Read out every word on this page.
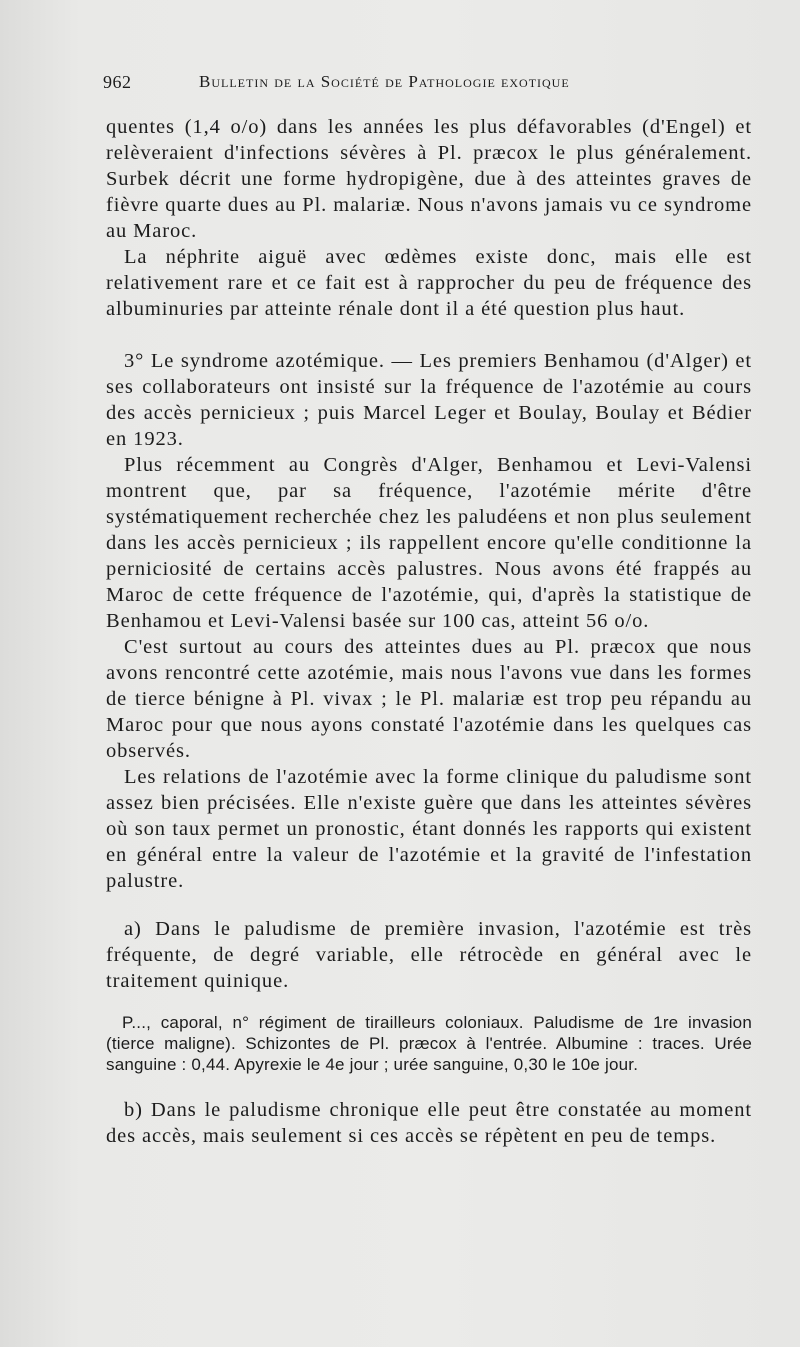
962	Bulletin de la Société de Pathologie exotique

quentes (1,4 o/o) dans les années les plus défavorables (d'Engel) et relèveraient d'infections sévères à Pl. præcox le plus généralement. Surbek décrit une forme hydropigène, due à des atteintes graves de fièvre quarte dues au Pl. malariæ. Nous n'avons jamais vu ce syndrome au Maroc.

La néphrite aiguë avec œdèmes existe donc, mais elle est relativement rare et ce fait est à rapprocher du peu de fréquence des albuminuries par atteinte rénale dont il a été question plus haut.

3° Le syndrome azotémique. — Les premiers Benhamou (d'Alger) et ses collaborateurs ont insisté sur la fréquence de l'azotémie au cours des accès pernicieux ; puis Marcel Leger et Boulay, Boulay et Bédier en 1923.

Plus récemment au Congrès d'Alger, Benhamou et Levi-Valensi montrent que, par sa fréquence, l'azotémie mérite d'être systématiquement recherchée chez les paludéens et non plus seulement dans les accès pernicieux ; ils rappellent encore qu'elle conditionne la perniciosité de certains accès palustres. Nous avons été frappés au Maroc de cette fréquence de l'azotémie, qui, d'après la statistique de Benhamou et Levi-Valensi basée sur 100 cas, atteint 56 o/o.

C'est surtout au cours des atteintes dues au Pl. præcox que nous avons rencontré cette azotémie, mais nous l'avons vue dans les formes de tierce bénigne à Pl. vivax ; le Pl. malariæ est trop peu répandu au Maroc pour que nous ayons constaté l'azotémie dans les quelques cas observés.

Les relations de l'azotémie avec la forme clinique du paludisme sont assez bien précisées. Elle n'existe guère que dans les atteintes sévères où son taux permet un pronostic, étant donnés les rapports qui existent en général entre la valeur de l'azotémie et la gravité de l'infestation palustre.

a) Dans le paludisme de première invasion, l'azotémie est très fréquente, de degré variable, elle rétrocède en général avec le traitement quinique.

P..., caporal, n° régiment de tirailleurs coloniaux. Paludisme de 1re invasion (tierce maligne). Schizontes de Pl. præcox à l'entrée. Albumine : traces. Urée sanguine : 0,44. Apyrexie le 4e jour ; urée sanguine, 0,30 le 10e jour.

b) Dans le paludisme chronique elle peut être constatée au moment des accès, mais seulement si ces accès se répètent en peu de temps.
